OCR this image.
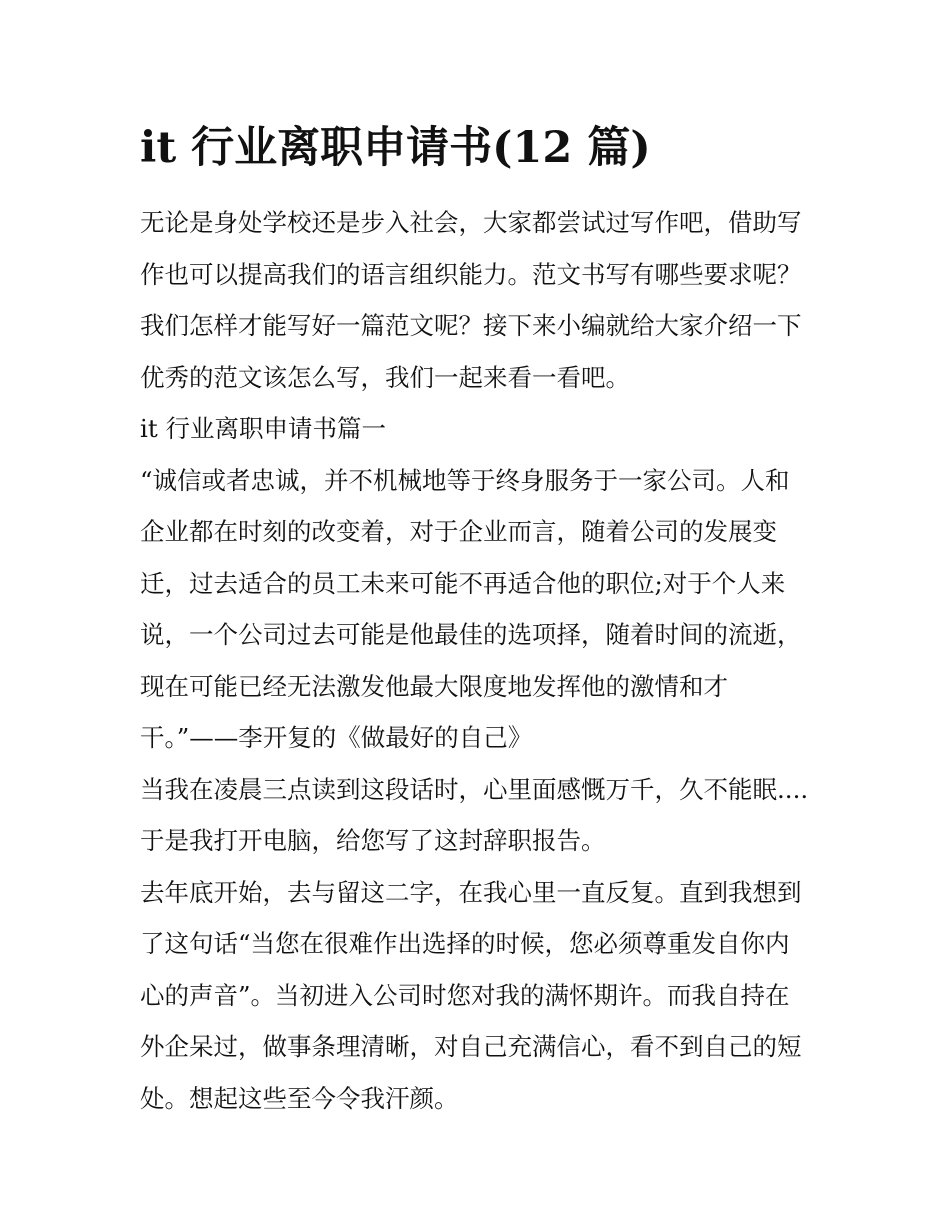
it 行业离职申请书(12 篇)
无论是身处学校还是步入社会，大家都尝试过写作吧，借助写
作也可以提高我们的语言组织能力。范文书写有哪些要求呢？
我们怎样才能写好一篇范文呢？接下来小编就给大家介绍一下
优秀的范文该怎么写，我们一起来看一看吧。
it 行业离职申请书篇一
“诚信或者忠诚，并不机械地等于终身服务于一家公司。人和
企业都在时刻的改变着，对于企业而言，随着公司的发展变
迁，过去适合的员工未来可能不再适合他的职位;对于个人来
说，一个公司过去可能是他最佳的选项择，随着时间的流逝，
现在可能已经无法激发他最大限度地发挥他的激情和才
干。”——李开复的《做最好的自己》
当我在凌晨三点读到这段话时，心里面感慨万千，久不能眠....
于是我打开电脑，给您写了这封辞职报告。
去年底开始，去与留这二字，在我心里一直反复。直到我想到
了这句话“当您在很难作出选择的时候，您必须尊重发自你内
心的声音”。当初进入公司时您对我的满怀期许。而我自持在
外企呆过，做事条理清晰，对自己充满信心，看不到自己的短
处。想起这些至今令我汗颜。
